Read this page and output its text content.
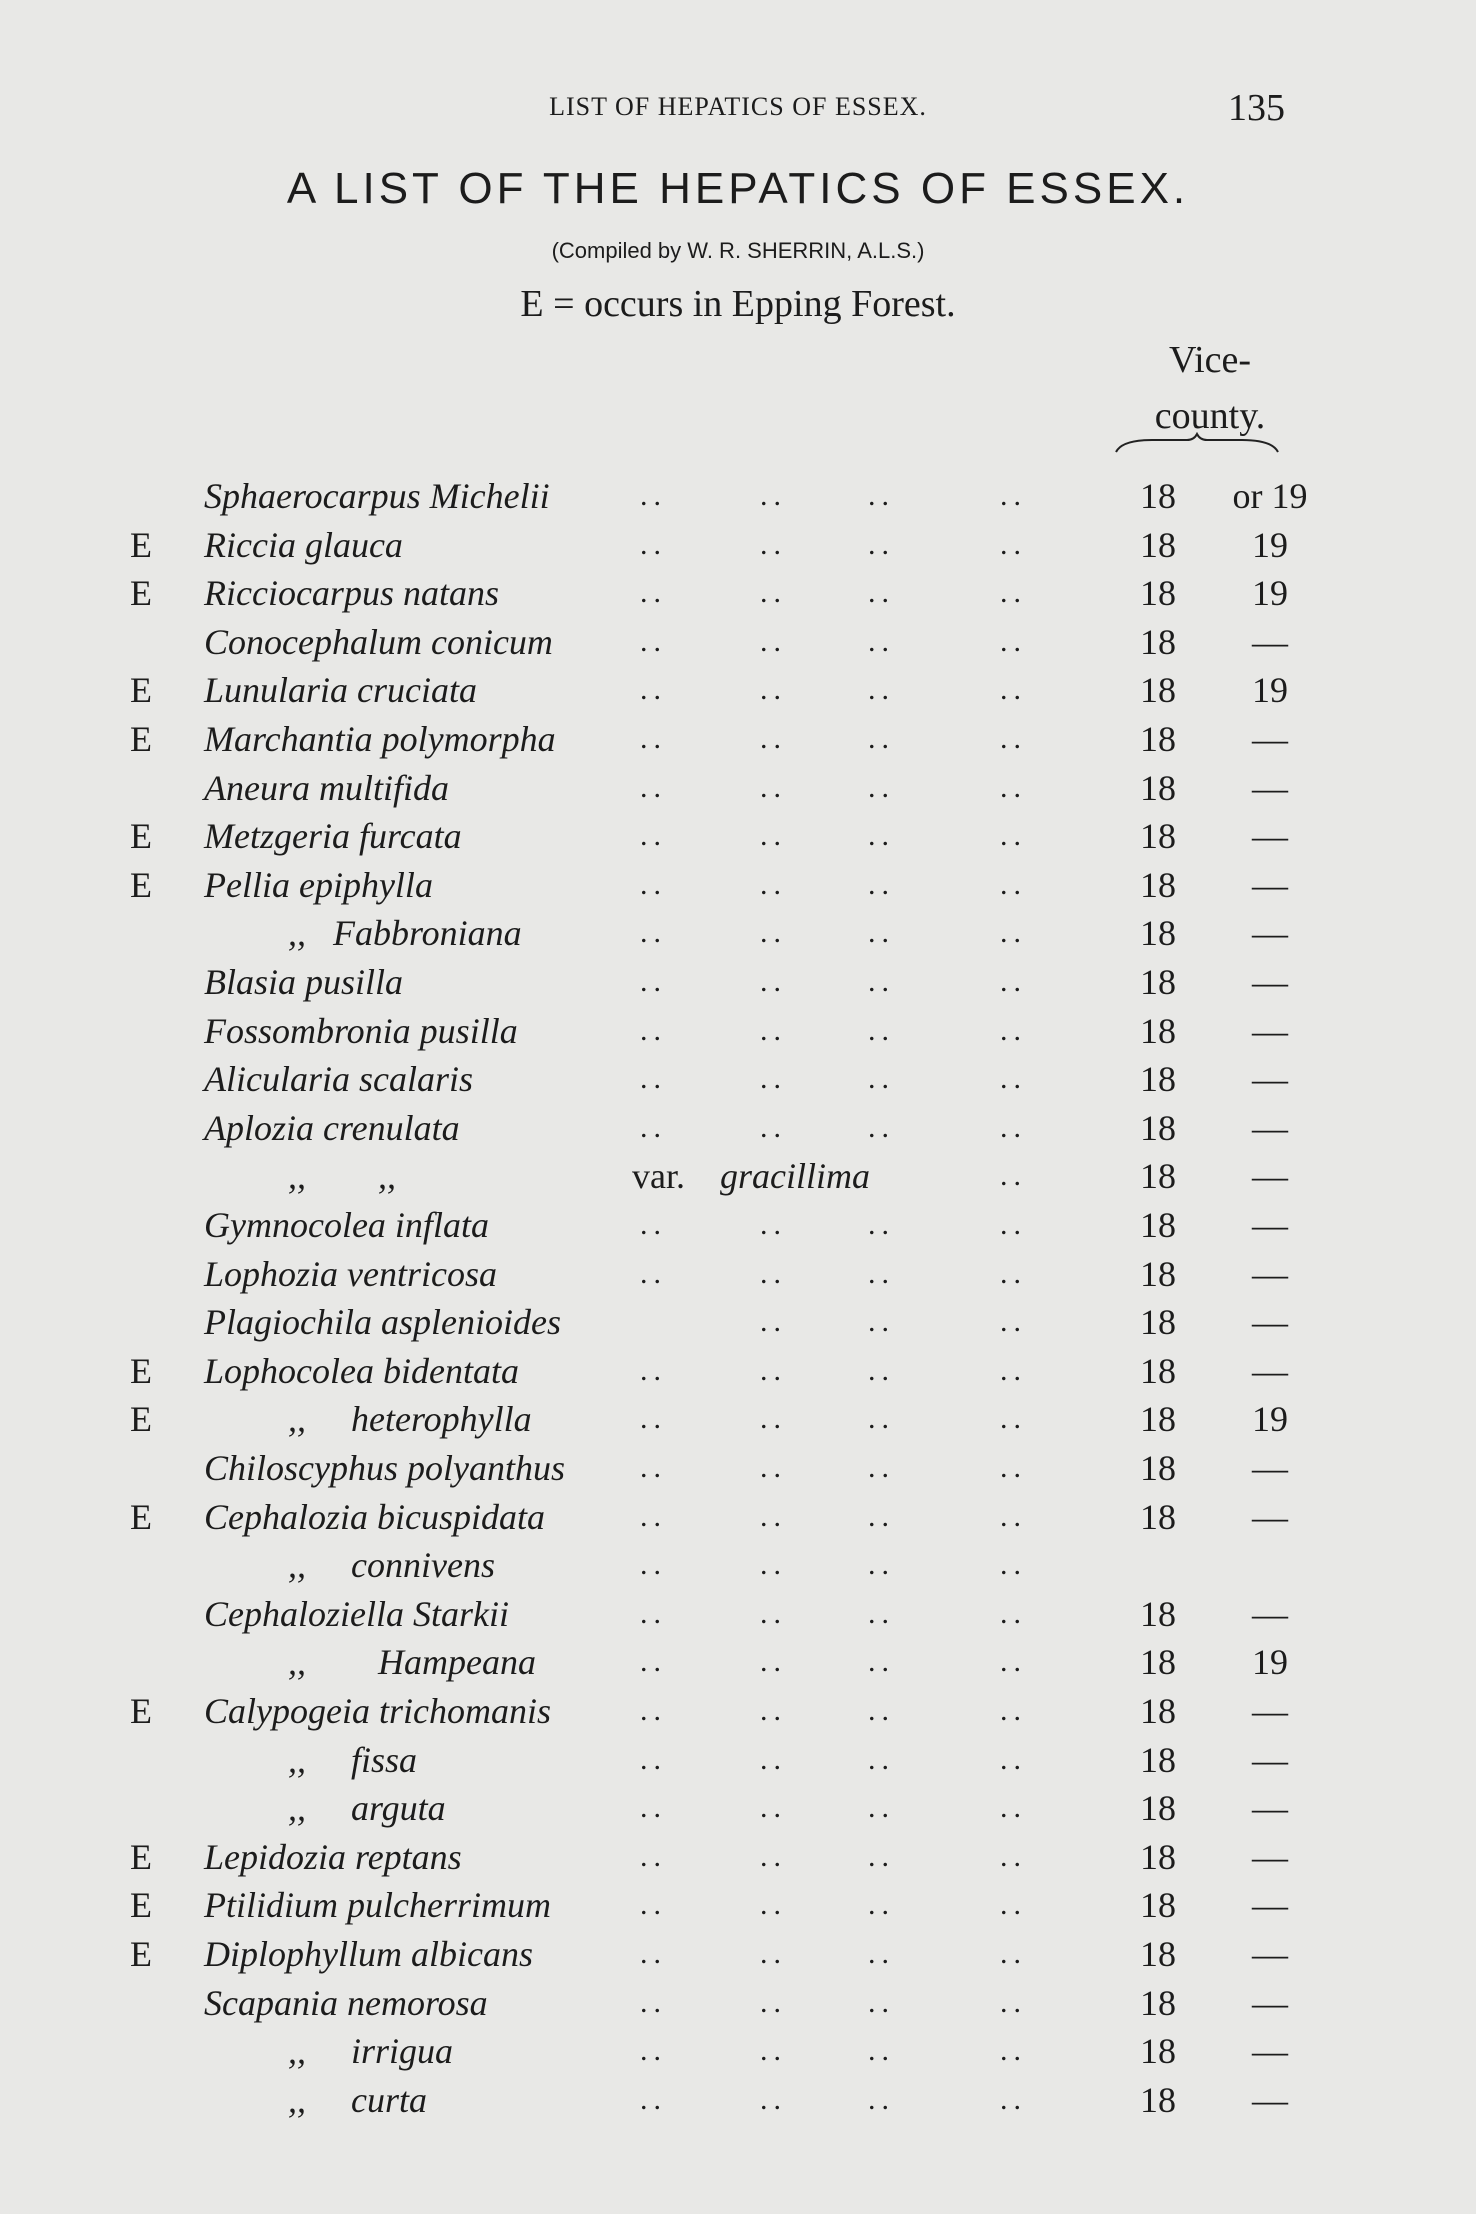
LIST OF HEPATICS OF ESSEX.	135
A LIST OF THE HEPATICS OF ESSEX.
(Compiled by W. R. SHERRIN, A.L.S.)
E = occurs in Epping Forest.
Vice-
county.
Sphaerocarpus Michelii	..	..	..	..	18	or 19
E Riccia glauca	..	..	..	..	18	19
E Ricciocarpus natans	..	..	..	..	18	19
Conocephalum conicum	..	..	..	..	18	—
E Lunularia cruciata	..	..	..	..	18	19
E Marchantia polymorpha	..	..	..	..	18	—
Aneura multifida	..	..	..	..	18	—
E Metzgeria furcata	..	..	..	..	18	—
E Pellia epiphylla	..	..	..	..	18	—
,,   Fabbroniana	..	..	..	..	18	—
Blasia pusilla	..	..	..	..	18	—
Fossombronia pusilla	..	..	..	..	18	—
Alicularia scalaris	..	..	..	..	18	—
Aplozia crenulata	..	..	..	..	18	—
,,        ,,	var. gracillima	..	18	—
Gymnocolea inflata	..	..	..	..	18	—
Lophozia ventricosa	..	..	..	..	18	—
Plagiochila asplenioides	..	..	..	18	—
E Lophocolea bidentata	..	..	..	..	18	—
E	,,     heterophylla	..	..	..	..	18	19
Chiloscyphus polyanthus	..	..	..	..	18	—
E Cephalozia bicuspidata	..	..	..	..	18	—
,,     connivens	..	..	..	..
Cephaloziella Starkii	..	..	..	..	18	—
,,        Hampeana	..	..	..	..	18	19
E Calypogeia trichomanis	..	..	..	..	18	—
,,     fissa	..	..	..	..	18	—
,,     arguta	..	..	..	..	18	—
E Lepidozia reptans	..	..	..	..	18	—
E Ptilidium pulcherrimum	..	..	..	..	18	—
E Diplophyllum albicans	..	..	..	..	18	—
Scapania nemorosa	..	..	..	..	18	—
,,     irrigua	..	..	..	..	18	—
,,     curta	..	..	..	..	18	—
